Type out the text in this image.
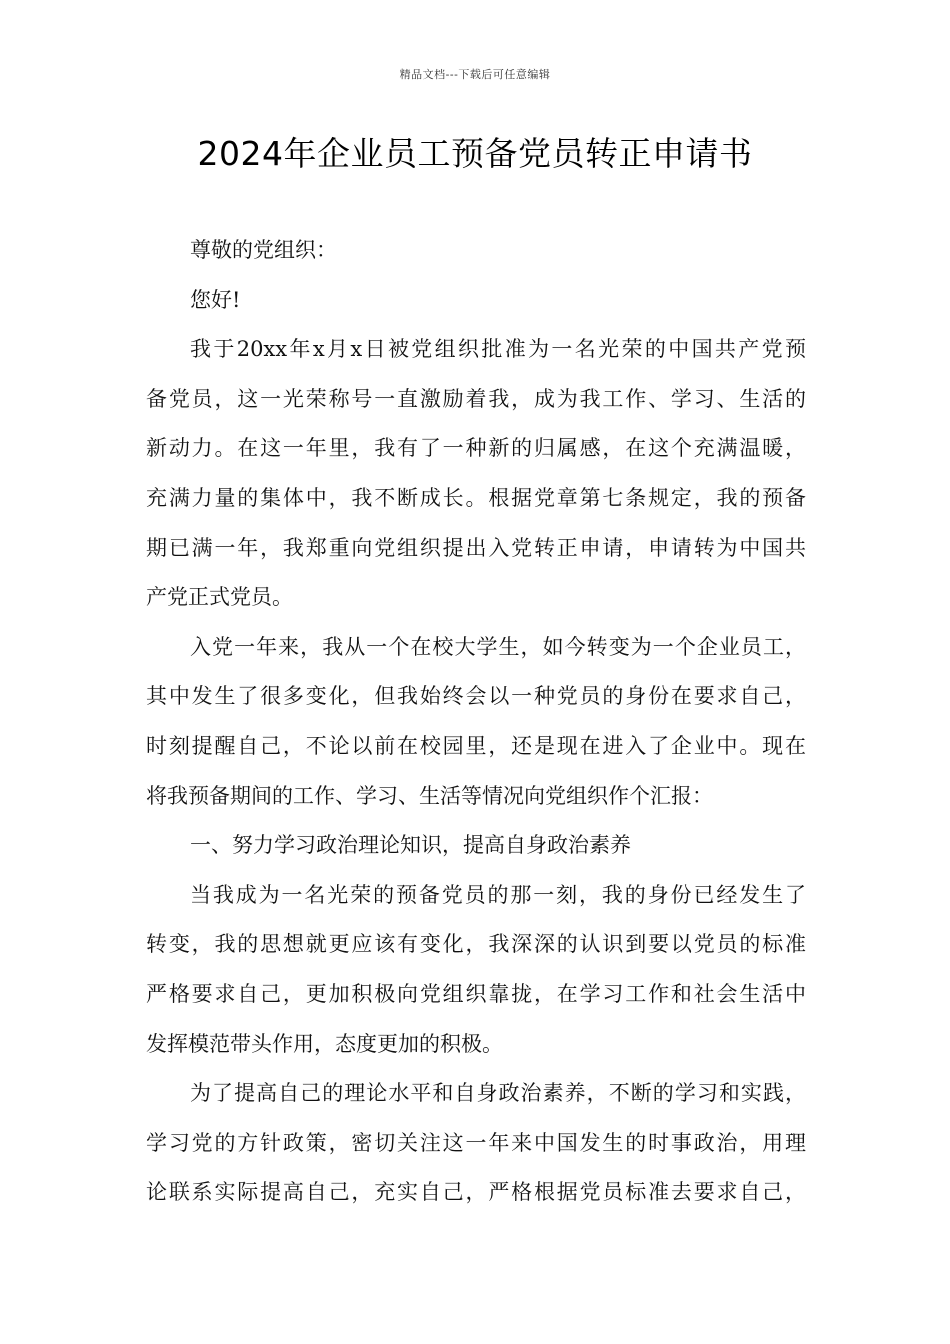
精品文档---下载后可任意编辑
2024年企业员工预备党员转正申请书
尊敬的党组织：
您好!
我于20xx年x月x日被党组织批准为一名光荣的中国共产党预
备党员，这一光荣称号一直激励着我，成为我工作、学习、生活的
新动力。在这一年里，我有了一种新的归属感，在这个充满温暖，
充满力量的集体中，我不断成长。根据党章第七条规定，我的预备
期已满一年，我郑重向党组织提出入党转正申请，申请转为中国共
产党正式党员。
入党一年来，我从一个在校大学生，如今转变为一个企业员工，
其中发生了很多变化，但我始终会以一种党员的身份在要求自己，
时刻提醒自己，不论以前在校园里，还是现在进入了企业中。现在
将我预备期间的工作、学习、生活等情况向党组织作个汇报：
一、努力学习政治理论知识，提高自身政治素养
当我成为一名光荣的预备党员的那一刻，我的身份已经发生了
转变，我的思想就更应该有变化，我深深的认识到要以党员的标准
严格要求自己，更加积极向党组织靠拢，在学习工作和社会生活中
发挥模范带头作用，态度更加的积极。
为了提高自己的理论水平和自身政治素养，不断的学习和实践，
学习党的方针政策，密切关注这一年来中国发生的时事政治，用理
论联系实际提高自己，充实自己，严格根据党员标准去要求自己，
